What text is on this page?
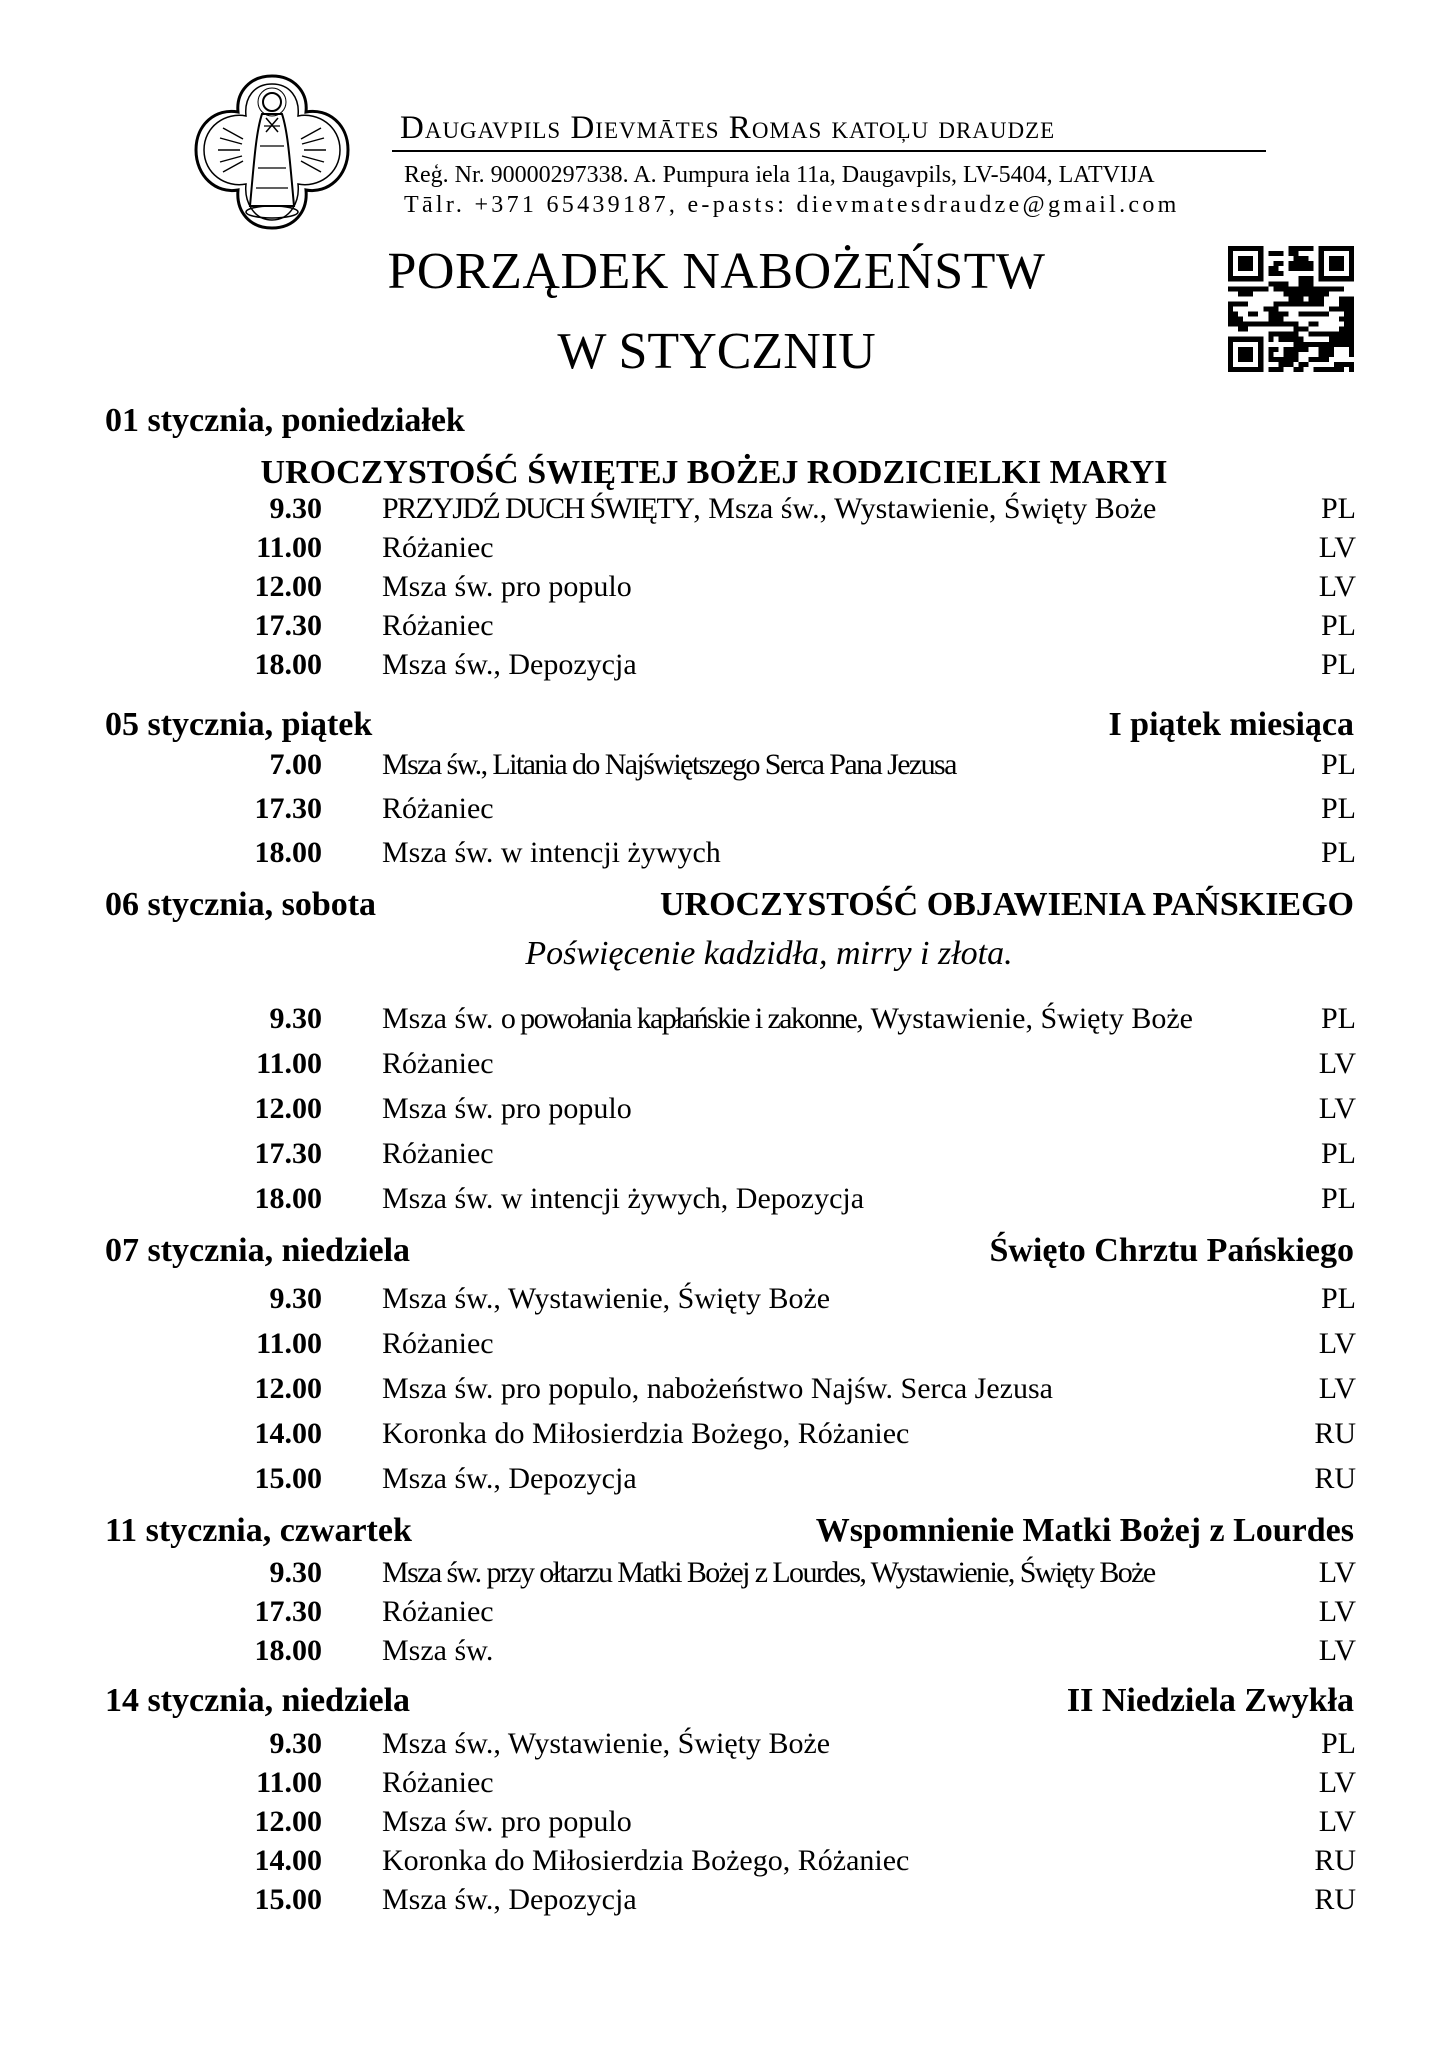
Daugavpils Dievmātes Romas katoļu draudze
Reģ. Nr. 90000297338. A. Pumpura iela 11a, Daugavpils, LV-5404, LATVIJA
Tālr. +371 65439187, e-pasts: dievmatesdraudze@gmail.com
PORZĄDEK NABOŻEŃSTW
W STYCZNIU
01 stycznia, poniedziałek
UROCZYSTOŚĆ ŚWIĘTEJ BOŻEJ RODZICIELKI MARYI
9.30 PRZYJDŹ DUCH ŚWIĘTY, Msza św., Wystawienie, Święty Boże	PL
11.00 Różaniec	LV
12.00 Msza św. pro populo	LV
17.30 Różaniec	PL
18.00 Msza św., Depozycja	PL
05 stycznia, piątek	I piątek miesiąca
7.00 Msza św., Litania do Najświętszego Serca Pana Jezusa	PL
17.30 Różaniec	PL
18.00 Msza św. w intencji żywych	PL
06 stycznia, sobota	UROCZYSTOŚĆ OBJAWIENIA PAŃSKIEGO
Poświęcenie kadzidła, mirry i złota.
9.30 Msza św. o powołania kapłańskie i zakonne, Wystawienie, Święty Boże	PL
11.00 Różaniec	LV
12.00 Msza św. pro populo	LV
17.30 Różaniec	PL
18.00 Msza św. w intencji żywych, Depozycja	PL
07 stycznia, niedziela	Święto Chrztu Pańskiego
9.30 Msza św., Wystawienie, Święty Boże	PL
11.00 Różaniec	LV
12.00 Msza św. pro populo, nabożeństwo Najśw. Serca Jezusa	LV
14.00 Koronka do Miłosierdzia Bożego, Różaniec	RU
15.00 Msza św., Depozycja	RU
11 stycznia, czwartek	Wspomnienie Matki Bożej z Lourdes
9.30 Msza św. przy ołtarzu Matki Bożej z Lourdes, Wystawienie, Święty Boże	LV
17.30 Różaniec	LV
18.00 Msza św.	LV
14 stycznia, niedziela	II Niedziela Zwykła
9.30 Msza św., Wystawienie, Święty Boże	PL
11.00 Różaniec	LV
12.00 Msza św. pro populo	LV
14.00 Koronka do Miłosierdzia Bożego, Różaniec	RU
15.00 Msza św., Depozycja	RU
